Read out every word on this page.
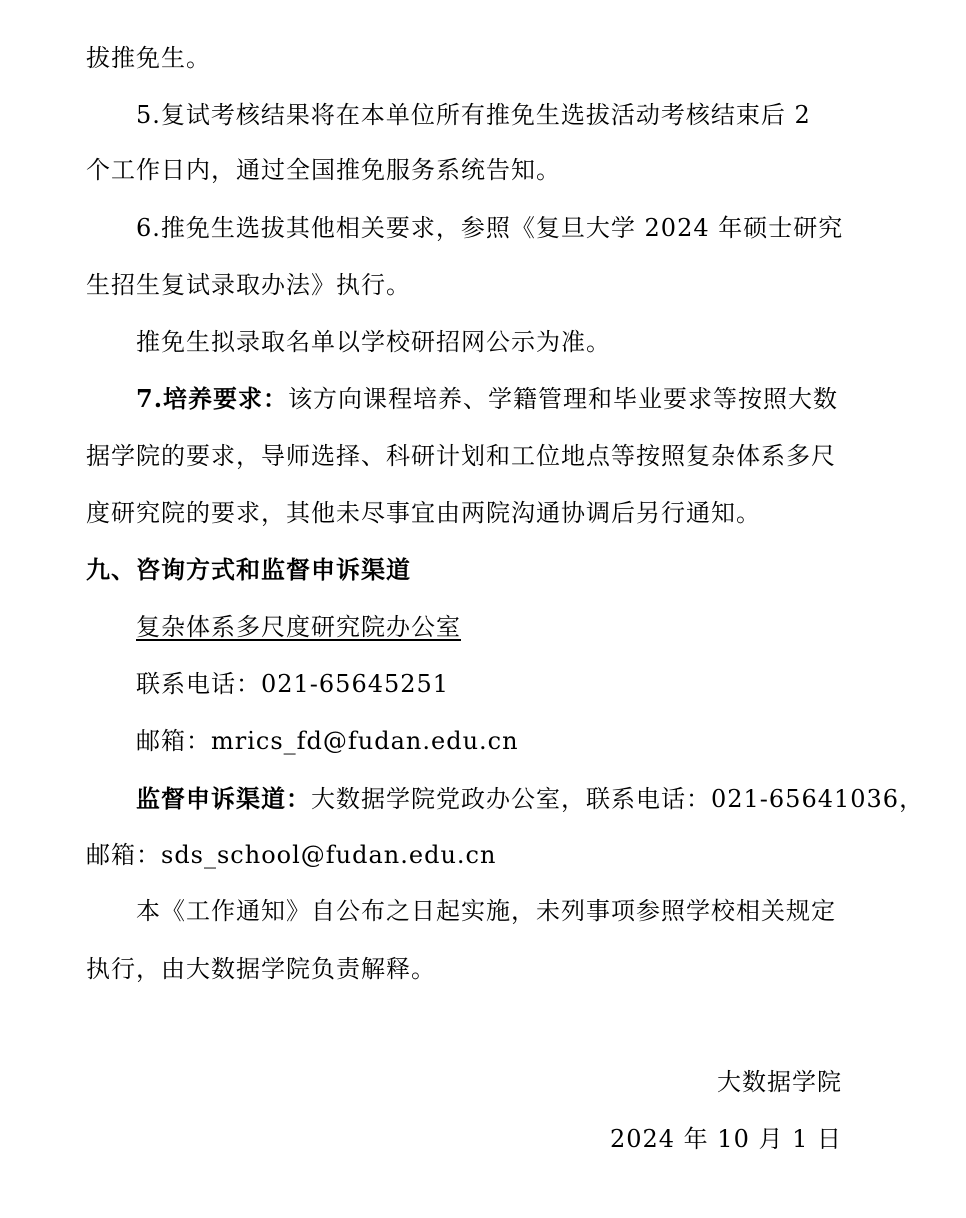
拔推免生。
5.复试考核结果将在本单位所有推免生选拔活动考核结束后 2
个工作日内，通过全国推免服务系统告知。
6.推免生选拔其他相关要求，参照《复旦大学 2024 年硕士研究
生招生复试录取办法》执行。
推免生拟录取名单以学校研招网公示为准。
7.培养要求：该方向课程培养、学籍管理和毕业要求等按照大数
据学院的要求，导师选择、科研计划和工位地点等按照复杂体系多尺
度研究院的要求，其他未尽事宜由两院沟通协调后另行通知。
九、咨询方式和监督申诉渠道
复杂体系多尺度研究院办公室
联系电话：021-65645251
邮箱：mrics_fd@fudan.edu.cn
监督申诉渠道：大数据学院党政办公室，联系电话：021-65641036，
邮箱：sds_school@fudan.edu.cn
本《工作通知》自公布之日起实施，未列事项参照学校相关规定
执行，由大数据学院负责解释。
大数据学院
2024 年 10 月 1 日
